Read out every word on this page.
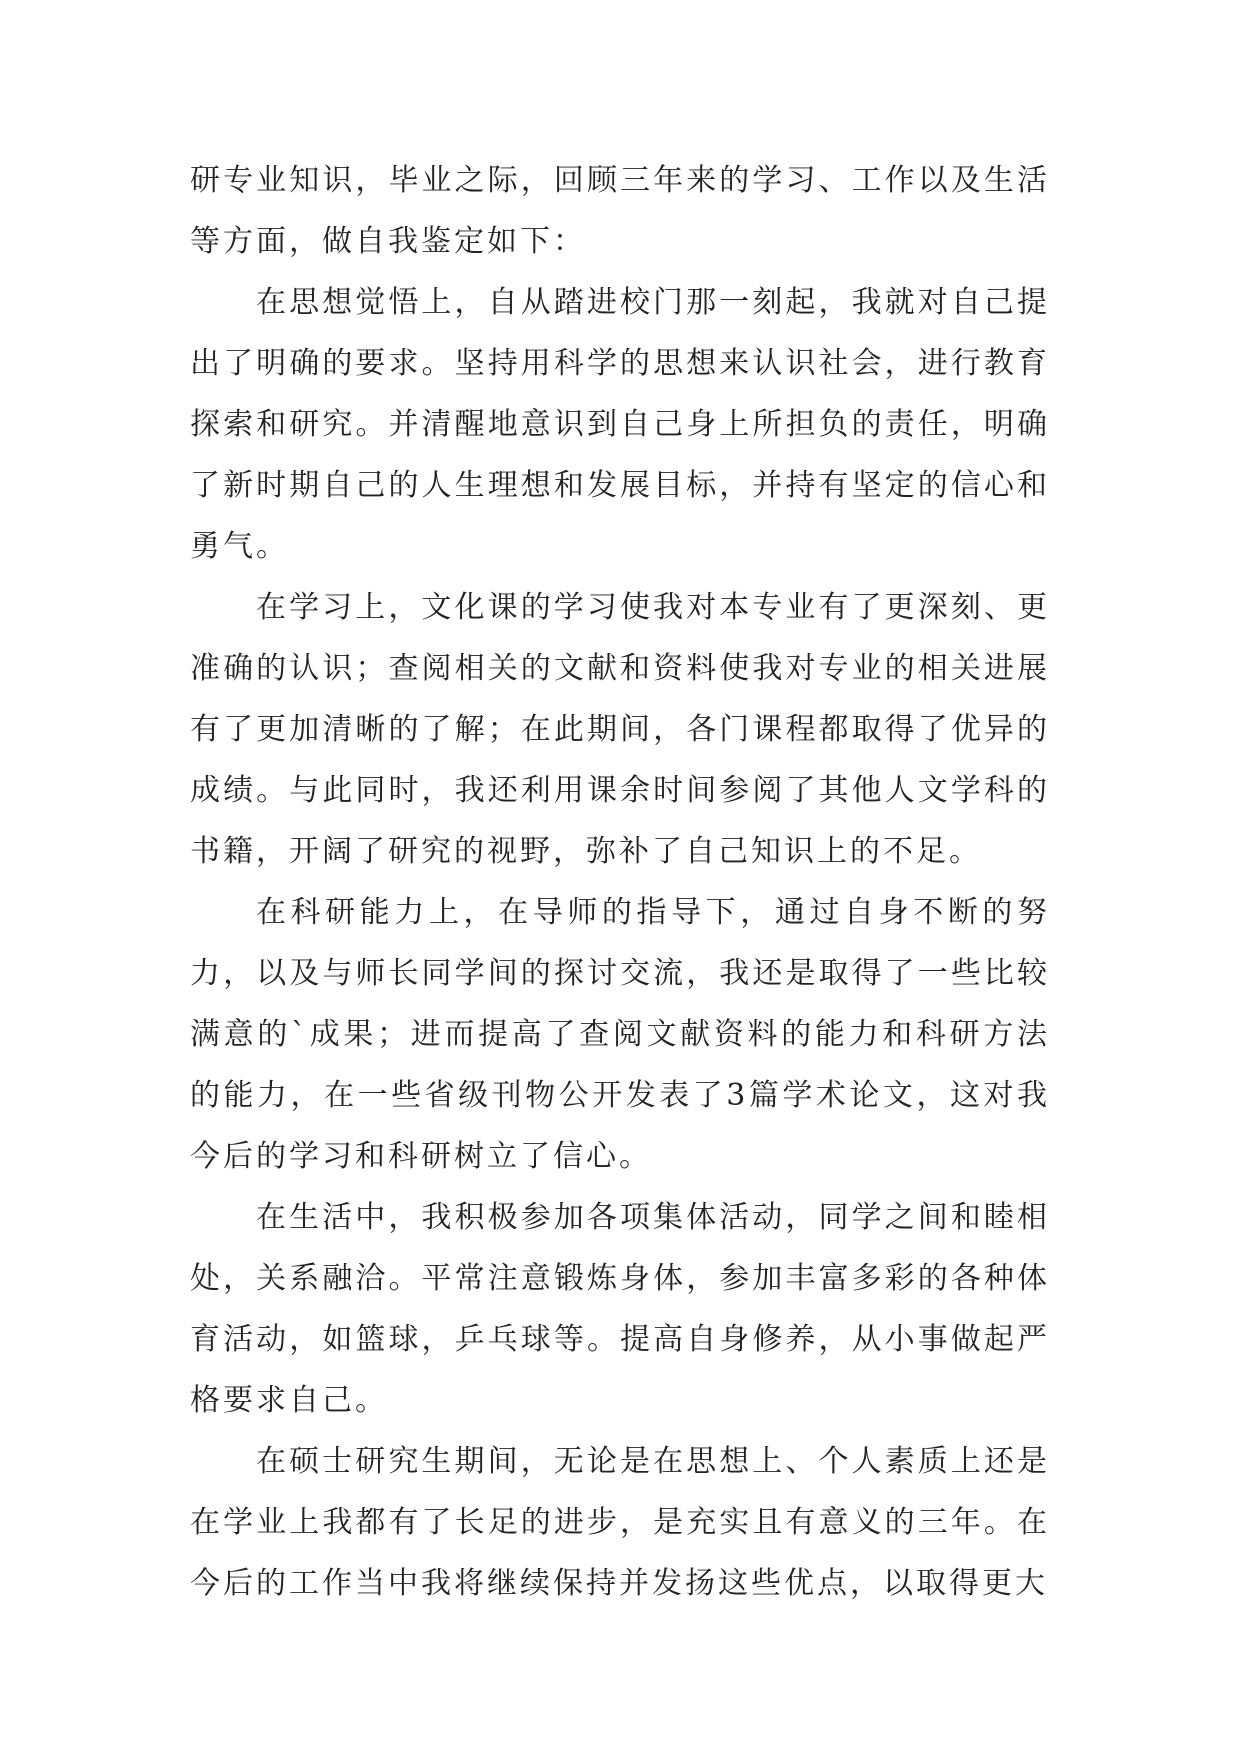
研专业知识，毕业之际，回顾三年来的学习、工作以及生活等方面，做自我鉴定如下：

在思想觉悟上，自从踏进校门那一刻起，我就对自己提出了明确的要求。坚持用科学的思想来认识社会，进行教育探索和研究。并清醒地意识到自己身上所担负的责任，明确了新时期自己的人生理想和发展目标，并持有坚定的信心和勇气。

在学习上，文化课的学习使我对本专业有了更深刻、更准确的认识；查阅相关的文献和资料使我对专业的相关进展有了更加清晰的了解；在此期间，各门课程都取得了优异的成绩。与此同时，我还利用课余时间参阅了其他人文学科的书籍，开阔了研究的视野，弥补了自己知识上的不足。

在科研能力上，在导师的指导下，通过自身不断的努力，以及与师长同学间的探讨交流，我还是取得了一些比较满意的`成果；进而提高了查阅文献资料的能力和科研方法的能力，在一些省级刊物公开发表了3篇学术论文，这对我今后的学习和科研树立了信心。

在生活中，我积极参加各项集体活动，同学之间和睦相处，关系融洽。平常注意锻炼身体，参加丰富多彩的各种体育活动，如篮球，乒乓球等。提高自身修养，从小事做起严格要求自己。

在硕士研究生期间，无论是在思想上、个人素质上还是在学业上我都有了长足的进步，是充实且有意义的三年。在今后的工作当中我将继续保持并发扬这些优点，以取得更大
